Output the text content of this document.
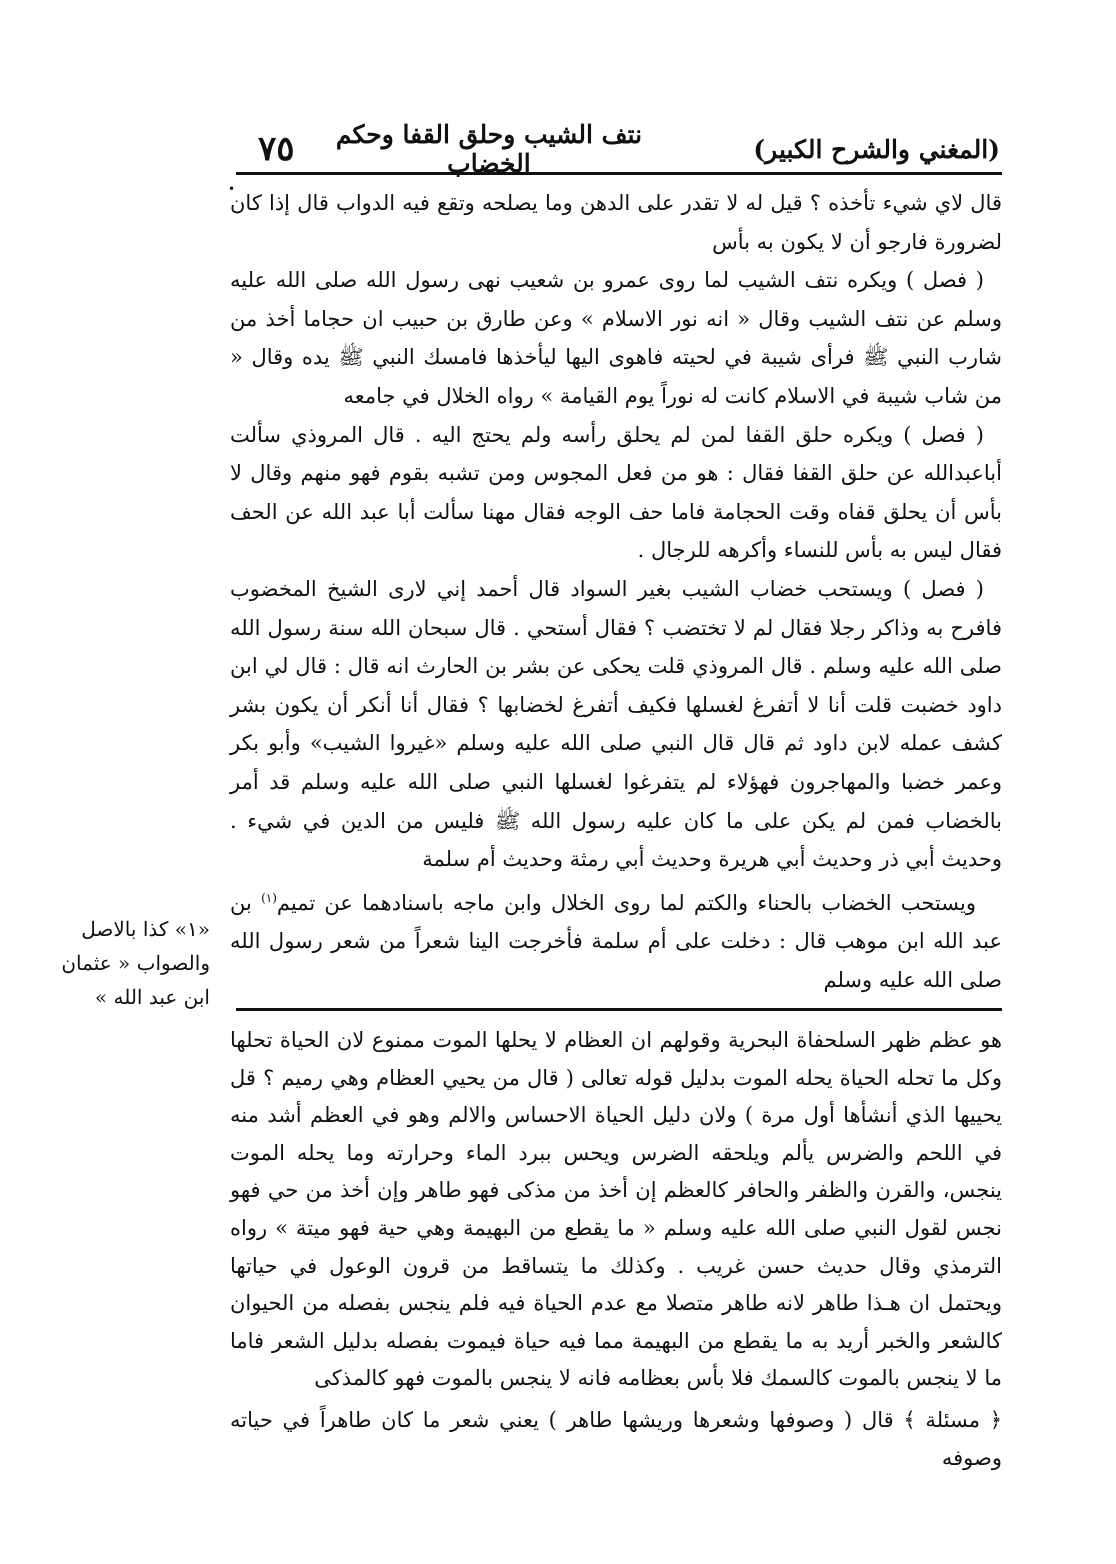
(المغني والشرح الكبير)
نتف الشيب وحلق القفا وحكم الخضاب
٧٥
•

قال لاي شيء تأخذه ؟ قيل له لا تقدر على الدهن وما يصلحه وتقع فيه الدواب قال إذا كان لضرورة فارجو أن لا يكون به بأس

( فصل ) ويكره نتف الشيب لما روى عمرو بن شعيب نهى رسول الله صلى الله عليه وسلم عن نتف الشيب وقال « انه نور الاسلام » وعن طارق بن حبيب ان حجاما أخذ من شارب النبي ﷺ فرأى شيبة في لحيته فاهوى اليها ليأخذها فامسك النبي ﷺ يده وقال « من شاب شيبة في الاسلام كانت له نوراً يوم القيامة » رواه الخلال في جامعه

( فصل ) ويكره حلق القفا لمن لم يحلق رأسه ولم يحتج اليه . قال المروذي سألت أباعبدالله عن حلق القفا فقال : هو من فعل المجوس ومن تشبه بقوم فهو منهم وقال لا بأس أن يحلق قفاه وقت الحجامة فاما حف الوجه فقال مهنا سألت أبا عبد الله عن الحف فقال ليس به بأس للنساء وأكرهه للرجال .

( فصل ) ويستحب خضاب الشيب بغير السواد قال أحمد إني لارى الشيخ المخضوب فافرح به وذاكر رجلا فقال لم لا تختضب ؟ فقال أستحي . قال سبحان الله سنة رسول الله صلى الله عليه وسلم . قال المروذي قلت يحكى عن بشر بن الحارث انه قال : قال لي ابن داود خضبت قلت أنا لا أتفرغ لغسلها فكيف أتفرغ لخضابها ؟ فقال أنا أنكر أن يكون بشر كشف عمله لابن داود ثم قال قال النبي صلى الله عليه وسلم «غيروا الشيب» وأبو بكر وعمر خضبا والمهاجرون فهؤلاء لم يتفرغوا لغسلها النبي صلى الله عليه وسلم قد أمر بالخضاب فمن لم يكن على ما كان عليه رسول الله ﷺ فليس من الدين في شيء . وحديث أبي ذر وحديث أبي هريرة وحديث أبي رمثة وحديث أم سلمة

ويستحب الخضاب بالحناء والكتم لما روى الخلال وابن ماجه باسنادهما عن تميم$^{(١)}$ بن عبد الله ابن موهب قال : دخلت على أم سلمة فأخرجت الينا شعراً من شعر رسول الله صلى الله عليه وسلم

«١» كذا بالاصل
والصواب « عثمان
ابن عبد الله »

هو عظم ظهر السلحفاة البحرية وقولهم ان العظام لا يحلها الموت ممنوع لان الحياة تحلها وكل ما تحله الحياة يحله الموت بدليل قوله تعالى ( قال من يحيي العظام وهي رميم ؟ قل يحييها الذي أنشأها أول مرة ) ولان دليل الحياة الاحساس والالم وهو في العظم أشد منه في اللحم والضرس يألم ويلحقه الضرس ويحس ببرد الماء وحرارته وما يحله الموت ينجس، والقرن والظفر والحافر كالعظم إن أخذ من مذكى فهو طاهر وإن أخذ من حي فهو نجس لقول النبي صلى الله عليه وسلم « ما يقطع من البهيمة وهي حية فهو ميتة » رواه الترمذي وقال حديث حسن غريب . وكذلك ما يتساقط من قرون الوعول في حياتها ويحتمل ان هـذا طاهر لانه طاهر متصلا مع عدم الحياة فيه فلم ينجس بفصله من الحيوان كالشعر والخبر أريد به ما يقطع من البهيمة مما فيه حياة فيموت بفصله بدليل الشعر فاما ما لا ينجس بالموت كالسمك فلا بأس بعظامه فانه لا ينجس بالموت فهو كالمذكى

﴿ مسئلة ﴾ قال ( وصوفها وشعرها وريشها طاهر ) يعني شعر ما كان طاهراً في حياته وصوفه
